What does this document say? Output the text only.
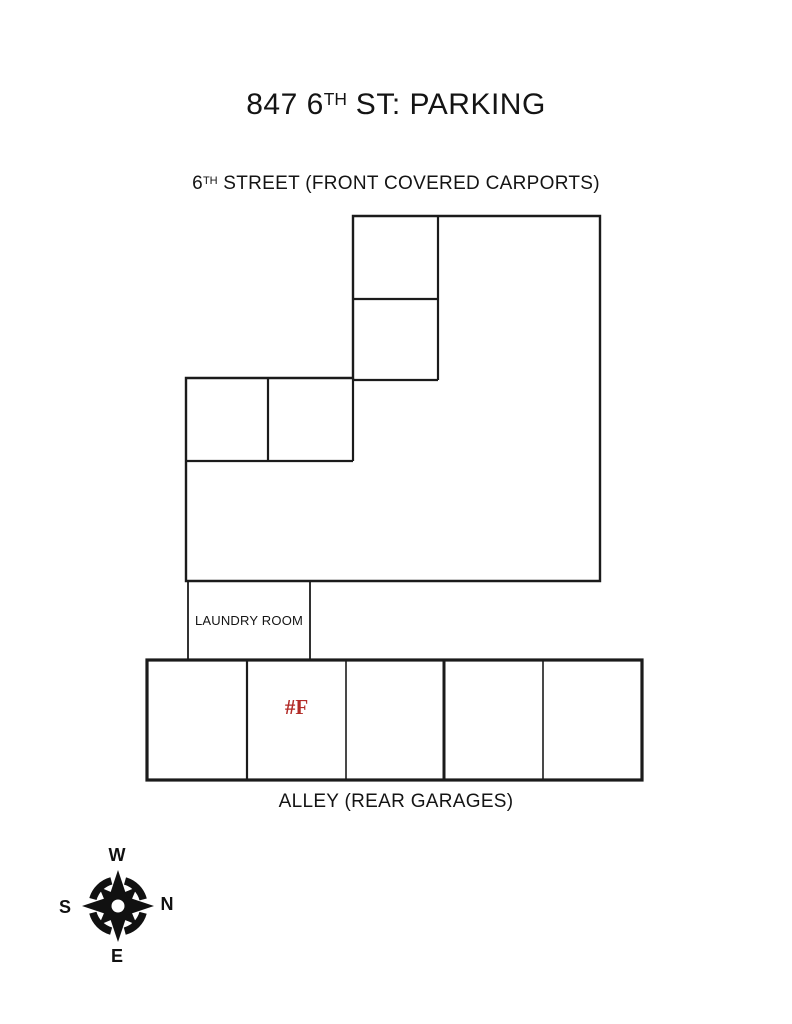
847 6TH ST: PARKING
6TH STREET (FRONT COVERED CARPORTS)
LAUNDRY ROOM
#F
ALLEY (REAR GARAGES)
W
N
S
E
